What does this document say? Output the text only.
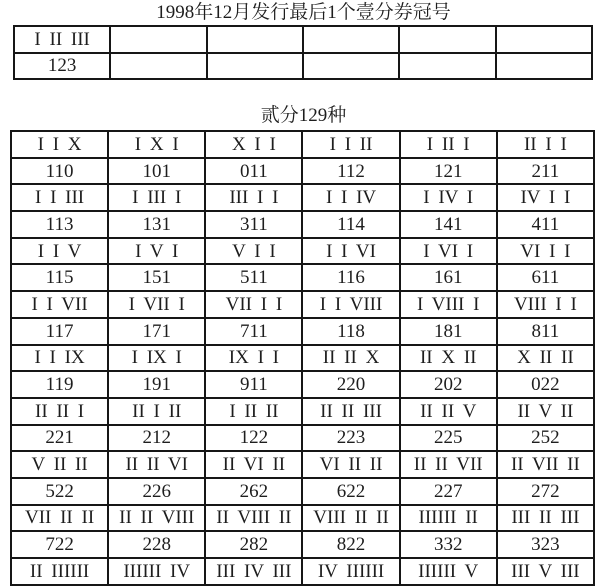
1998年12月发行最后1个壹分券冠号
I II III					
123					
贰分129种
I I X	I X I	X I I	I I II	I II I	II I I
110	101	011	112	121	211
I I III	I III I	III I I	I I IV	I IV I	IV I I
113	131	311	114	141	411
I I V	I V I	V I I	I I VI	I VI I	VI I I
115	151	511	116	161	611
I I VII	I VII I	VII I I	I I VIII	I VIII I	VIII I I
117	171	711	118	181	811
I I IX	I IX I	IX I I	II II X	II X II	X II II
119	191	911	220	202	022
II II I	II I II	I II II	II II III	II II V	II V II
221	212	122	223	225	252
V II II	II II VI	II VI II	VI II II	II II VII	II VII II
522	226	262	622	227	272
VII II II	II II VIII	II VIII II	VIII II II	IIIIII II	III II III
722	228	282	822	332	323
II IIIIII	IIIIII IV	III IV III	IV IIIIII	IIIIII V	III V III
